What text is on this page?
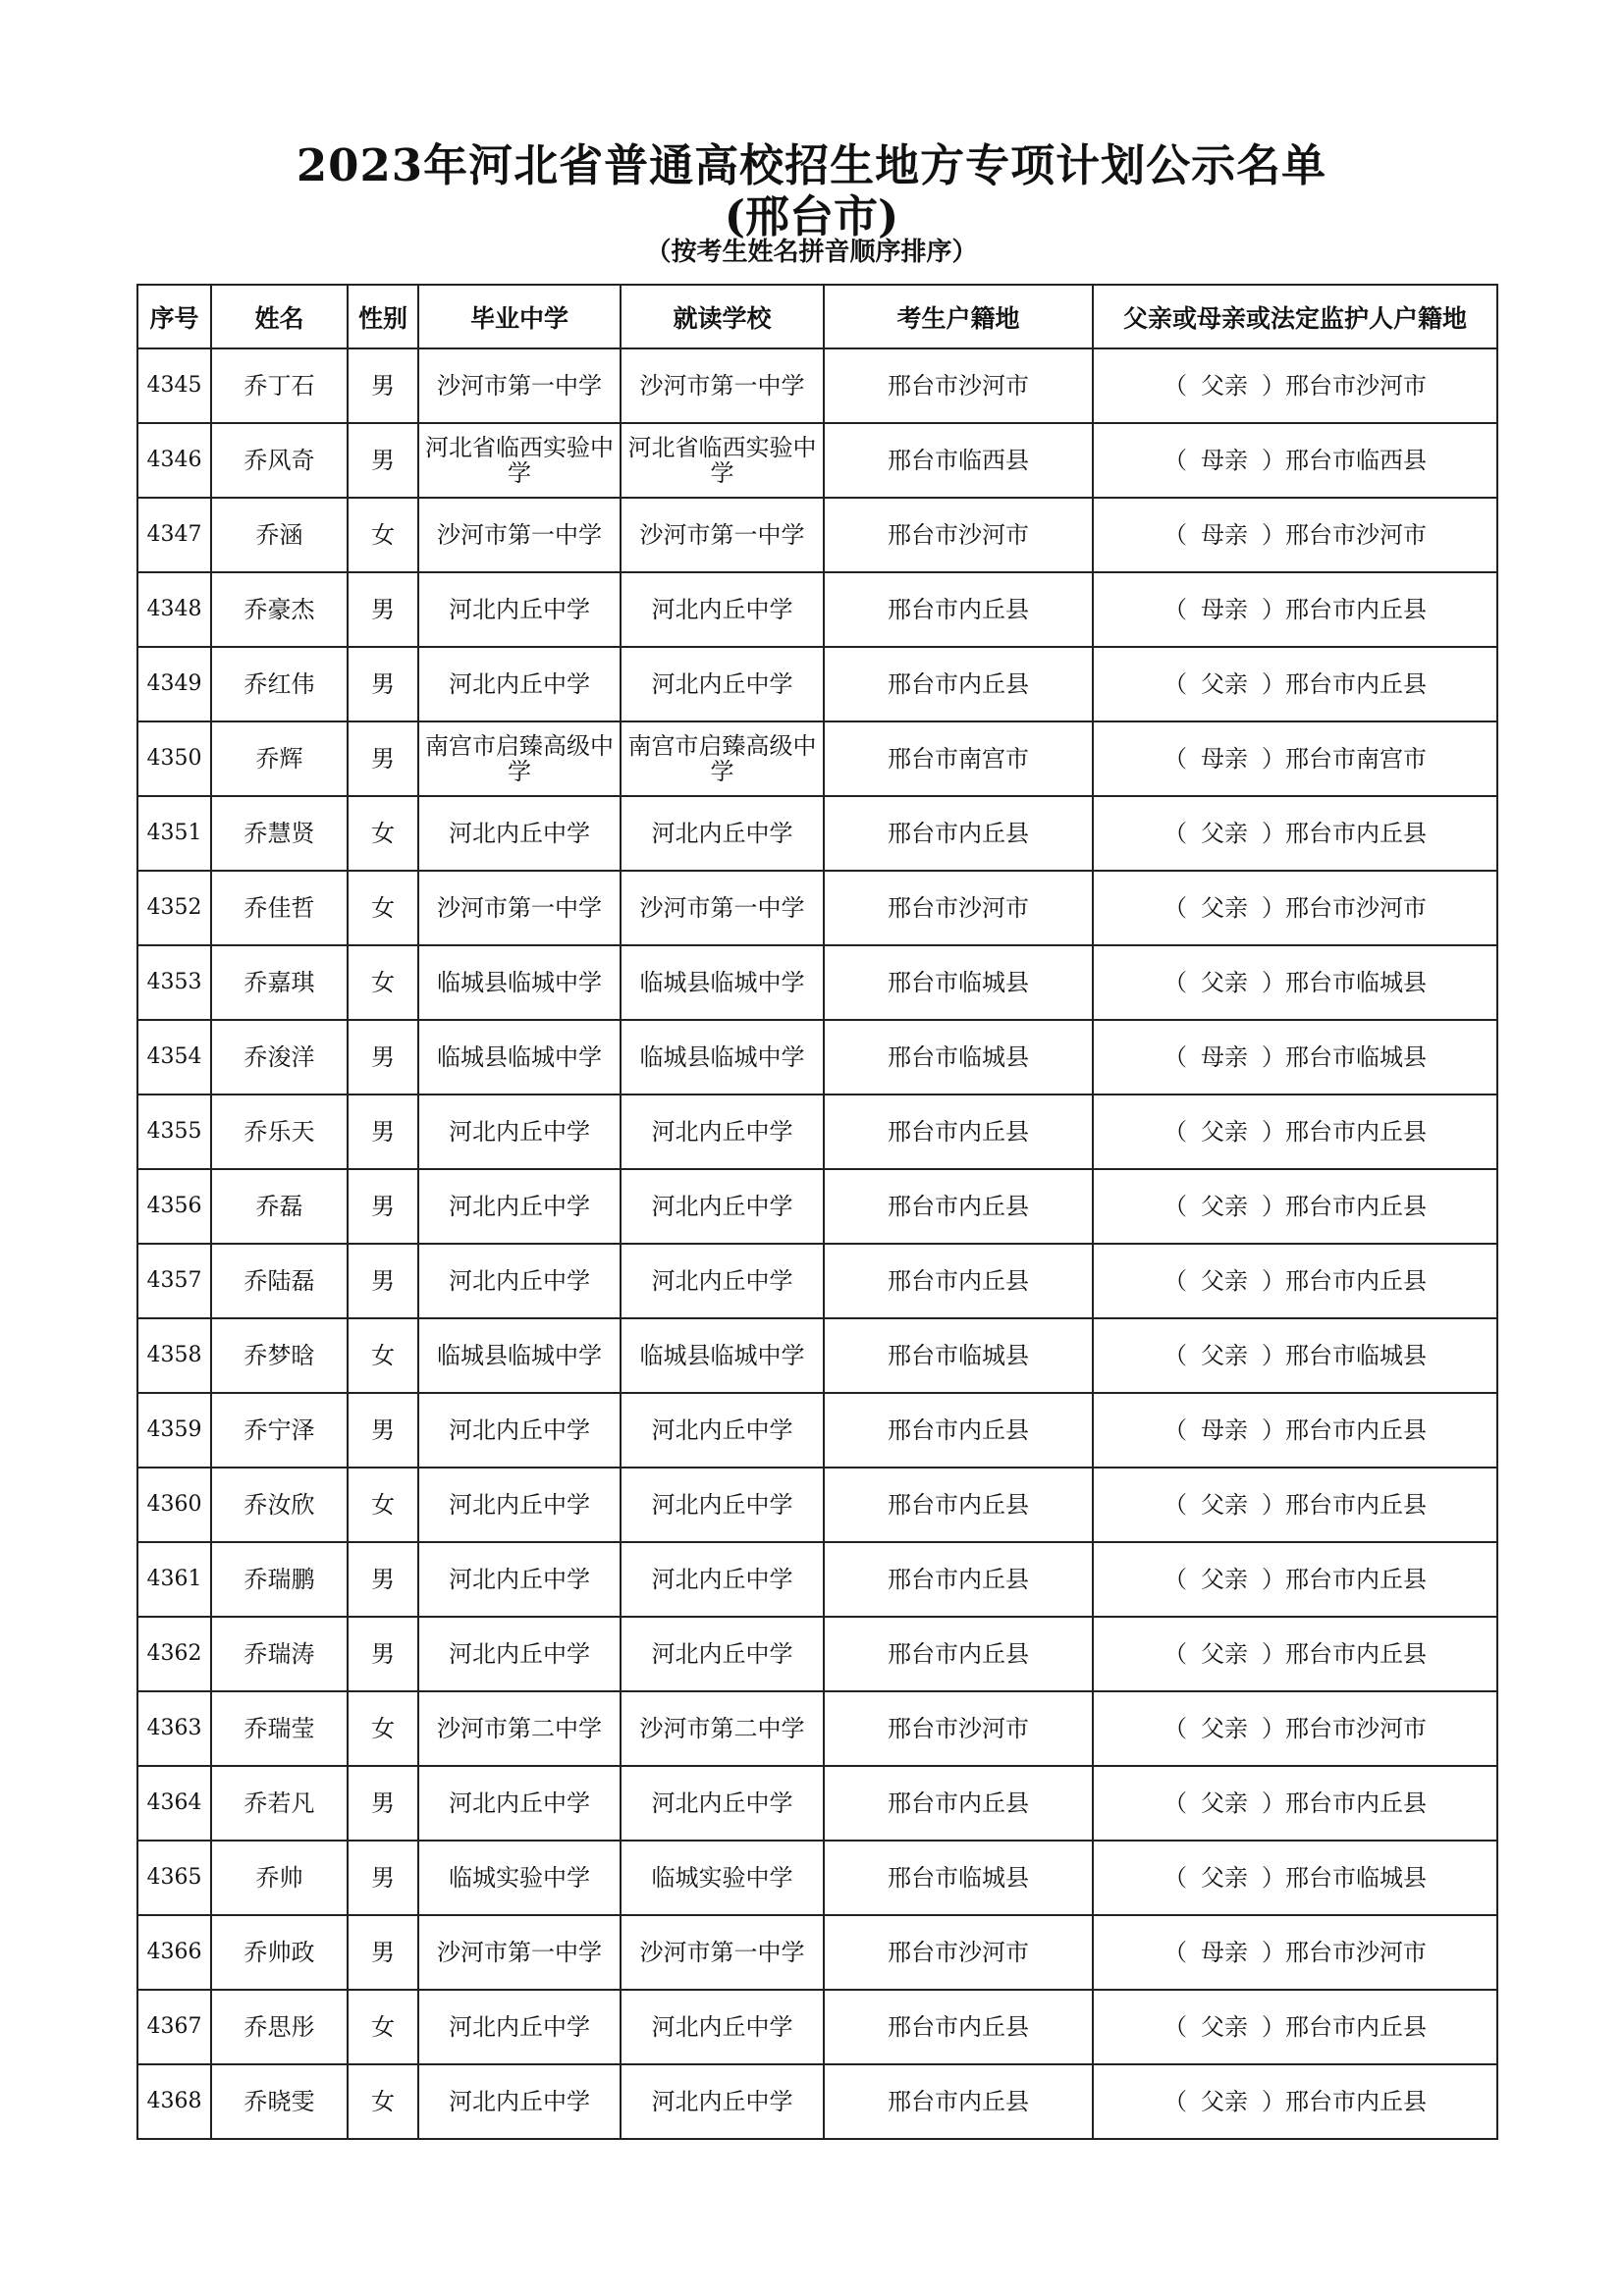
2023年河北省普通高校招生地方专项计划公示名单
(邢台市)
（按考生姓名拼音顺序排序）
序号	姓名	性别	毕业中学	就读学校	考生户籍地	父亲或母亲或法定监护人户籍地
4345	乔丁石	男	沙河市第一中学	沙河市第一中学	邢台市沙河市	（ 父亲 ）邢台市沙河市
4346	乔风奇	男	河北省临西实验中学	河北省临西实验中学	邢台市临西县	（ 母亲 ）邢台市临西县
4347	乔涵	女	沙河市第一中学	沙河市第一中学	邢台市沙河市	（ 母亲 ）邢台市沙河市
4348	乔豪杰	男	河北内丘中学	河北内丘中学	邢台市内丘县	（ 母亲 ）邢台市内丘县
4349	乔红伟	男	河北内丘中学	河北内丘中学	邢台市内丘县	（ 父亲 ）邢台市内丘县
4350	乔辉	男	南宫市启臻高级中学	南宫市启臻高级中学	邢台市南宫市	（ 母亲 ）邢台市南宫市
4351	乔慧贤	女	河北内丘中学	河北内丘中学	邢台市内丘县	（ 父亲 ）邢台市内丘县
4352	乔佳哲	女	沙河市第一中学	沙河市第一中学	邢台市沙河市	（ 父亲 ）邢台市沙河市
4353	乔嘉琪	女	临城县临城中学	临城县临城中学	邢台市临城县	（ 父亲 ）邢台市临城县
4354	乔浚洋	男	临城县临城中学	临城县临城中学	邢台市临城县	（ 母亲 ）邢台市临城县
4355	乔乐天	男	河北内丘中学	河北内丘中学	邢台市内丘县	（ 父亲 ）邢台市内丘县
4356	乔磊	男	河北内丘中学	河北内丘中学	邢台市内丘县	（ 父亲 ）邢台市内丘县
4357	乔陆磊	男	河北内丘中学	河北内丘中学	邢台市内丘县	（ 父亲 ）邢台市内丘县
4358	乔梦晗	女	临城县临城中学	临城县临城中学	邢台市临城县	（ 父亲 ）邢台市临城县
4359	乔宁泽	男	河北内丘中学	河北内丘中学	邢台市内丘县	（ 母亲 ）邢台市内丘县
4360	乔汝欣	女	河北内丘中学	河北内丘中学	邢台市内丘县	（ 父亲 ）邢台市内丘县
4361	乔瑞鹏	男	河北内丘中学	河北内丘中学	邢台市内丘县	（ 父亲 ）邢台市内丘县
4362	乔瑞涛	男	河北内丘中学	河北内丘中学	邢台市内丘县	（ 父亲 ）邢台市内丘县
4363	乔瑞莹	女	沙河市第二中学	沙河市第二中学	邢台市沙河市	（ 父亲 ）邢台市沙河市
4364	乔若凡	男	河北内丘中学	河北内丘中学	邢台市内丘县	（ 父亲 ）邢台市内丘县
4365	乔帅	男	临城实验中学	临城实验中学	邢台市临城县	（ 父亲 ）邢台市临城县
4366	乔帅政	男	沙河市第一中学	沙河市第一中学	邢台市沙河市	（ 母亲 ）邢台市沙河市
4367	乔思彤	女	河北内丘中学	河北内丘中学	邢台市内丘县	（ 父亲 ）邢台市内丘县
4368	乔晓雯	女	河北内丘中学	河北内丘中学	邢台市内丘县	（ 父亲 ）邢台市内丘县
